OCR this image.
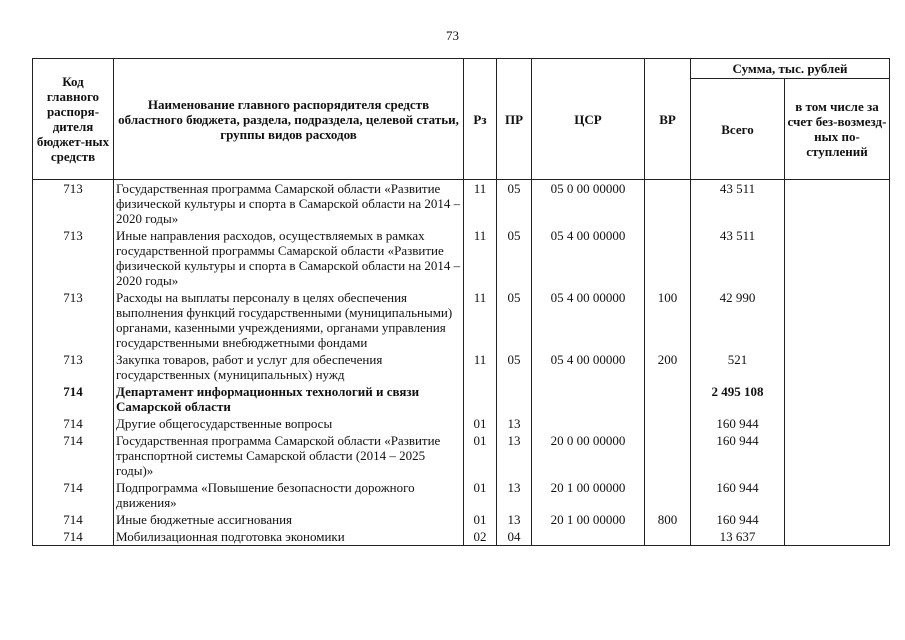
73
Код главного распоря-дителя бюджет-ных средств	Наименование главного распорядителя средств областного бюджета, раздела, подраздела, целевой статьи, группы видов расходов	Рз	ПР	ЦСР	ВР	Сумма, тыс. рублей	
						Всего	в том числе за счет без-возмезд-ных по-ступлений
713	Государственная программа Самарской области «Развитие физической культуры и спорта в Самарской области на 2014 – 2020 годы»	11	05	05 0 00 00000		43 511	
713	Иные направления расходов, осуществляемых в рамках государственной программы Самарской области «Развитие физической культуры и спорта в Самарской области на 2014 – 2020 годы»	11	05	05 4 00 00000		43 511	
713	Расходы на выплаты персоналу в целях обеспечения выполнения функций государственными (муниципальными) органами, казенными учреждениями, органами управления государственными внебюджетными фондами	11	05	05 4 00 00000	100	42 990	
713	Закупка товаров, работ и услуг для обеспечения государственных (муниципальных) нужд	11	05	05 4 00 00000	200	521	
714	Департамент информационных технологий и связи Самарской области					2 495 108	
714	Другие общегосударственные вопросы	01	13			160 944	
714	Государственная программа Самарской области «Развитие транспортной системы Самарской области (2014 – 2025 годы)»	01	13	20 0 00 00000		160 944	
714	Подпрограмма «Повышение безопасности дорожного движения»	01	13	20 1 00 00000		160 944	
714	Иные бюджетные ассигнования	01	13	20 1 00 00000	800	160 944	
714	Мобилизационная подготовка экономики	02	04			13 637	
